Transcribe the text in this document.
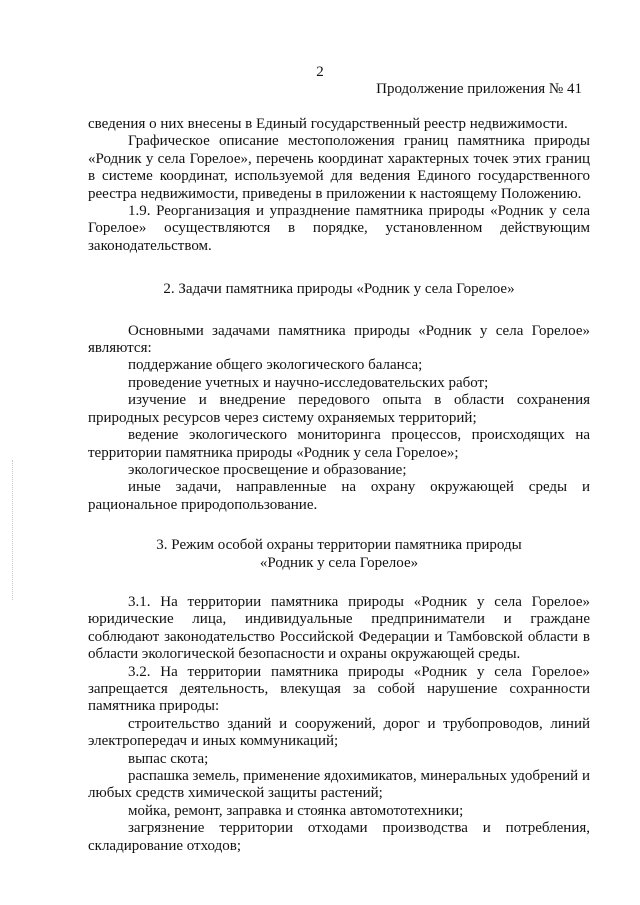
2
Продолжение приложения № 41

сведения о них внесены в Единый государственный реестр недвижимости.

Графическое описание местоположения границ памятника природы «Родник у села Горелое», перечень координат характерных точек этих границ в системе координат, используемой для ведения Единого государственного реестра недвижимости, приведены в приложении к настоящему Положению.

1.9. Реорганизация и упразднение памятника природы «Родник у села Горелое» осуществляются в порядке, установленном действующим законодательством.

2. Задачи памятника природы «Родник у села Горелое»

Основными задачами памятника природы «Родник у села Горелое» являются:

поддержание общего экологического баланса;

проведение учетных и научно-исследовательских работ;

изучение и внедрение передового опыта в области сохранения природных ресурсов через систему охраняемых территорий;

ведение экологического мониторинга процессов, происходящих на территории памятника природы «Родник у села Горелое»;

экологическое просвещение и образование;

иные задачи, направленные на охрану окружающей среды и рациональное природопользование.

3. Режим особой охраны территории памятника природы

«Родник у села Горелое»

3.1. На территории памятника природы «Родник у села Горелое» юридические лица, индивидуальные предприниматели и граждане соблюдают законодательство Российской Федерации и Тамбовской области в области экологической безопасности и охраны окружающей среды.

3.2. На территории памятника природы «Родник у села Горелое» запрещается деятельность, влекущая за собой нарушение сохранности памятника природы:

строительство зданий и сооружений, дорог и трубопроводов, линий электропередач и иных коммуникаций;

выпас скота;

распашка земель, применение ядохимикатов, минеральных удобрений и любых средств химической защиты растений;

мойка, ремонт, заправка и стоянка автомототехники;

загрязнение территории отходами производства и потребления, складирование отходов;
